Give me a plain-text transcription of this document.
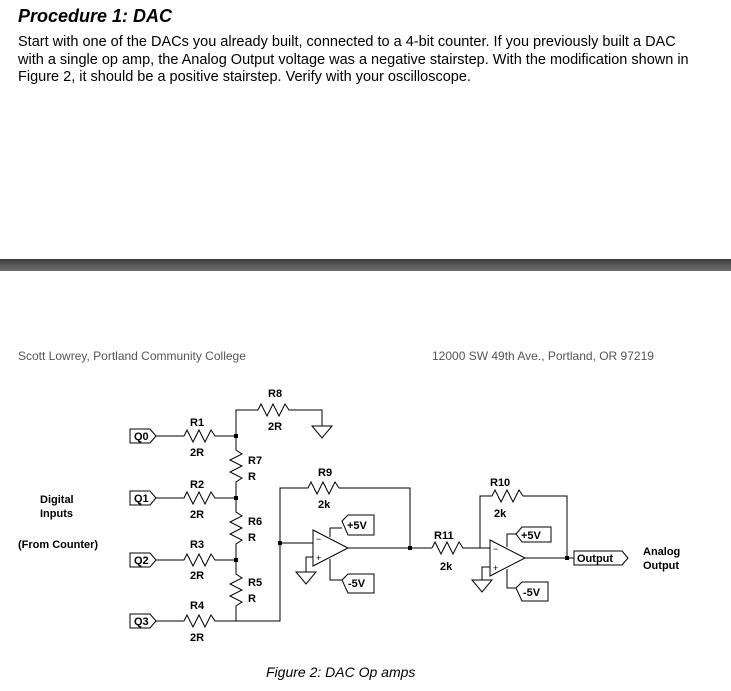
Procedure 1: DAC

Start with one of the DACs you already built, connected to a 4-bit counter. If you previously built a DAC with a single op amp, the Analog Output voltage was a negative stairstep. With the modification shown in Figure 2, it should be a positive stairstep. Verify with your oscilloscope.

Scott Lowrey, Portland Community College	12000 SW 49th Ave., Portland, OR 97219
Digital
Inputs
(From Counter)
Q0
Q1
Q2
Q3
R1
2R
R2
2R
R3
2R
R4
2R
R7
R
R6
R
R5
R
R8
2R
R9
2k
−
+
+5V
-5V
R11
2k
R10
2k
−
+
+5V
-5V
Output
Analog
Output
Figure 2: DAC Op amps
